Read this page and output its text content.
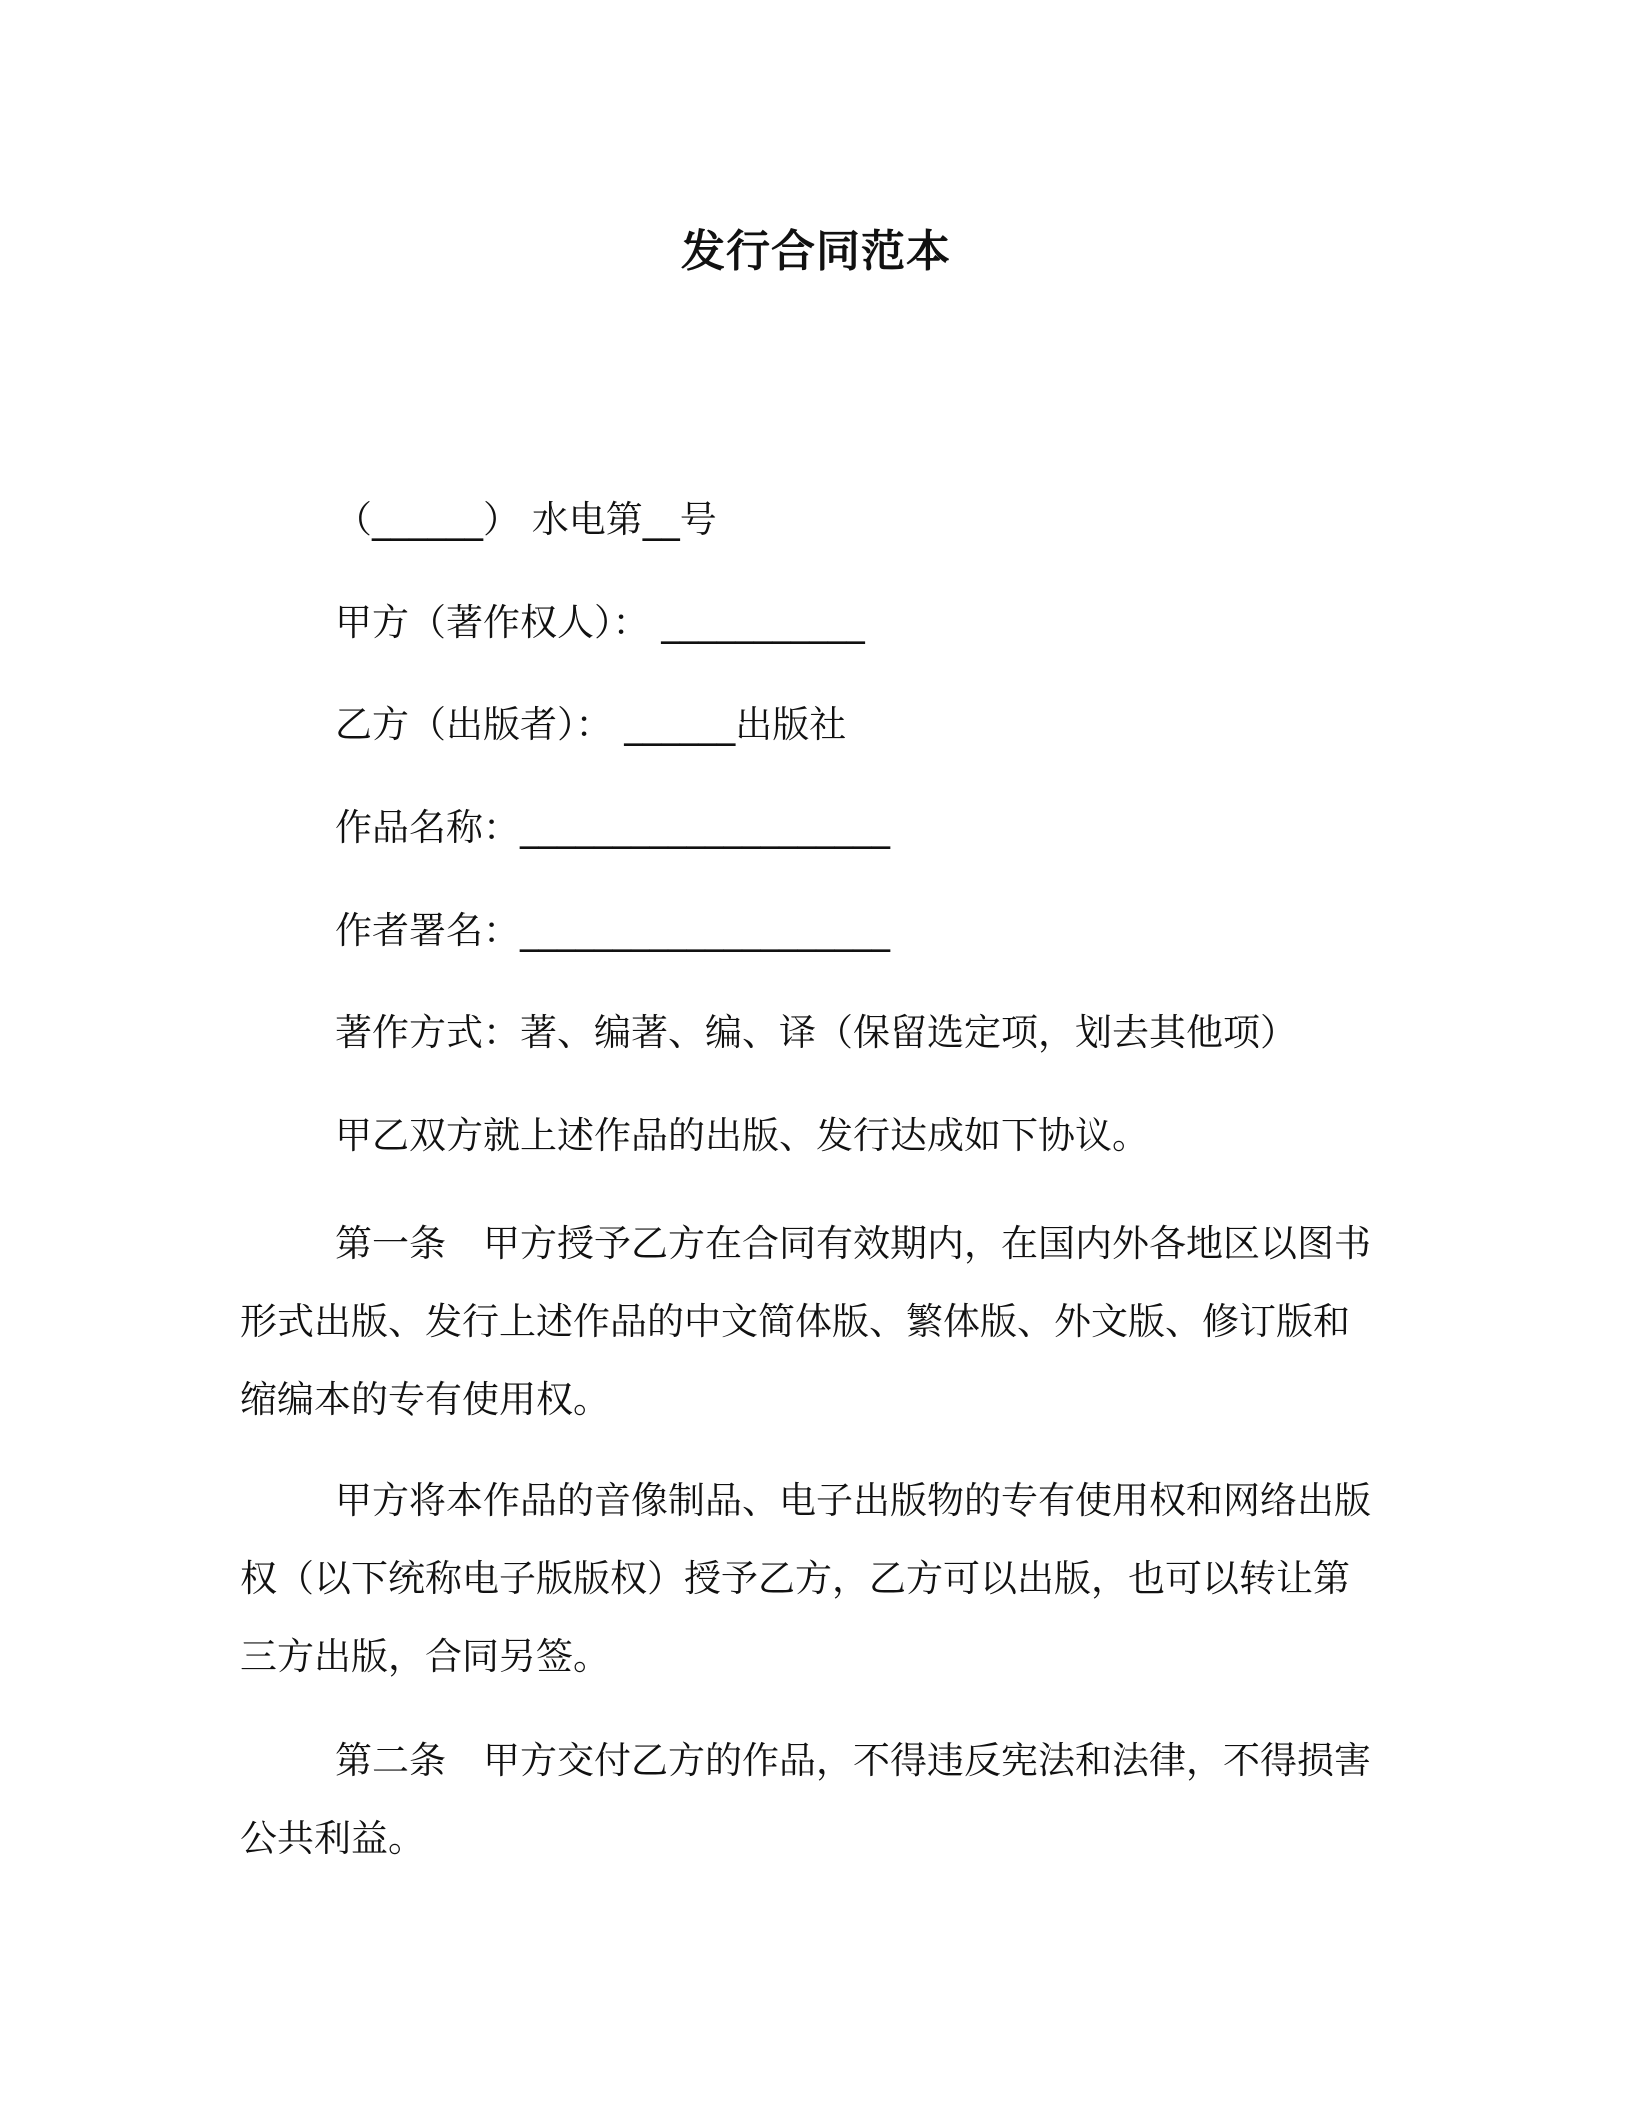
发行合同范本
（______） 水电第__号
甲方（著作权人）： ___________
乙方（出版者）： ______出版社
作品名称：____________________
作者署名：____________________
著作方式：著、编著、编、译（保留选定项，划去其他项）
甲乙双方就上述作品的出版、发行达成如下协议。
第一条　甲方授予乙方在合同有效期内，在国内外各地区以图书形式出版、发行上述作品的中文简体版、繁体版、外文版、修订版和缩编本的专有使用权。
甲方将本作品的音像制品、电子出版物的专有使用权和网络出版权（以下统称电子版版权）授予乙方，乙方可以出版，也可以转让第三方出版，合同另签。
第二条　甲方交付乙方的作品，不得违反宪法和法律，不得损害公共利益。
